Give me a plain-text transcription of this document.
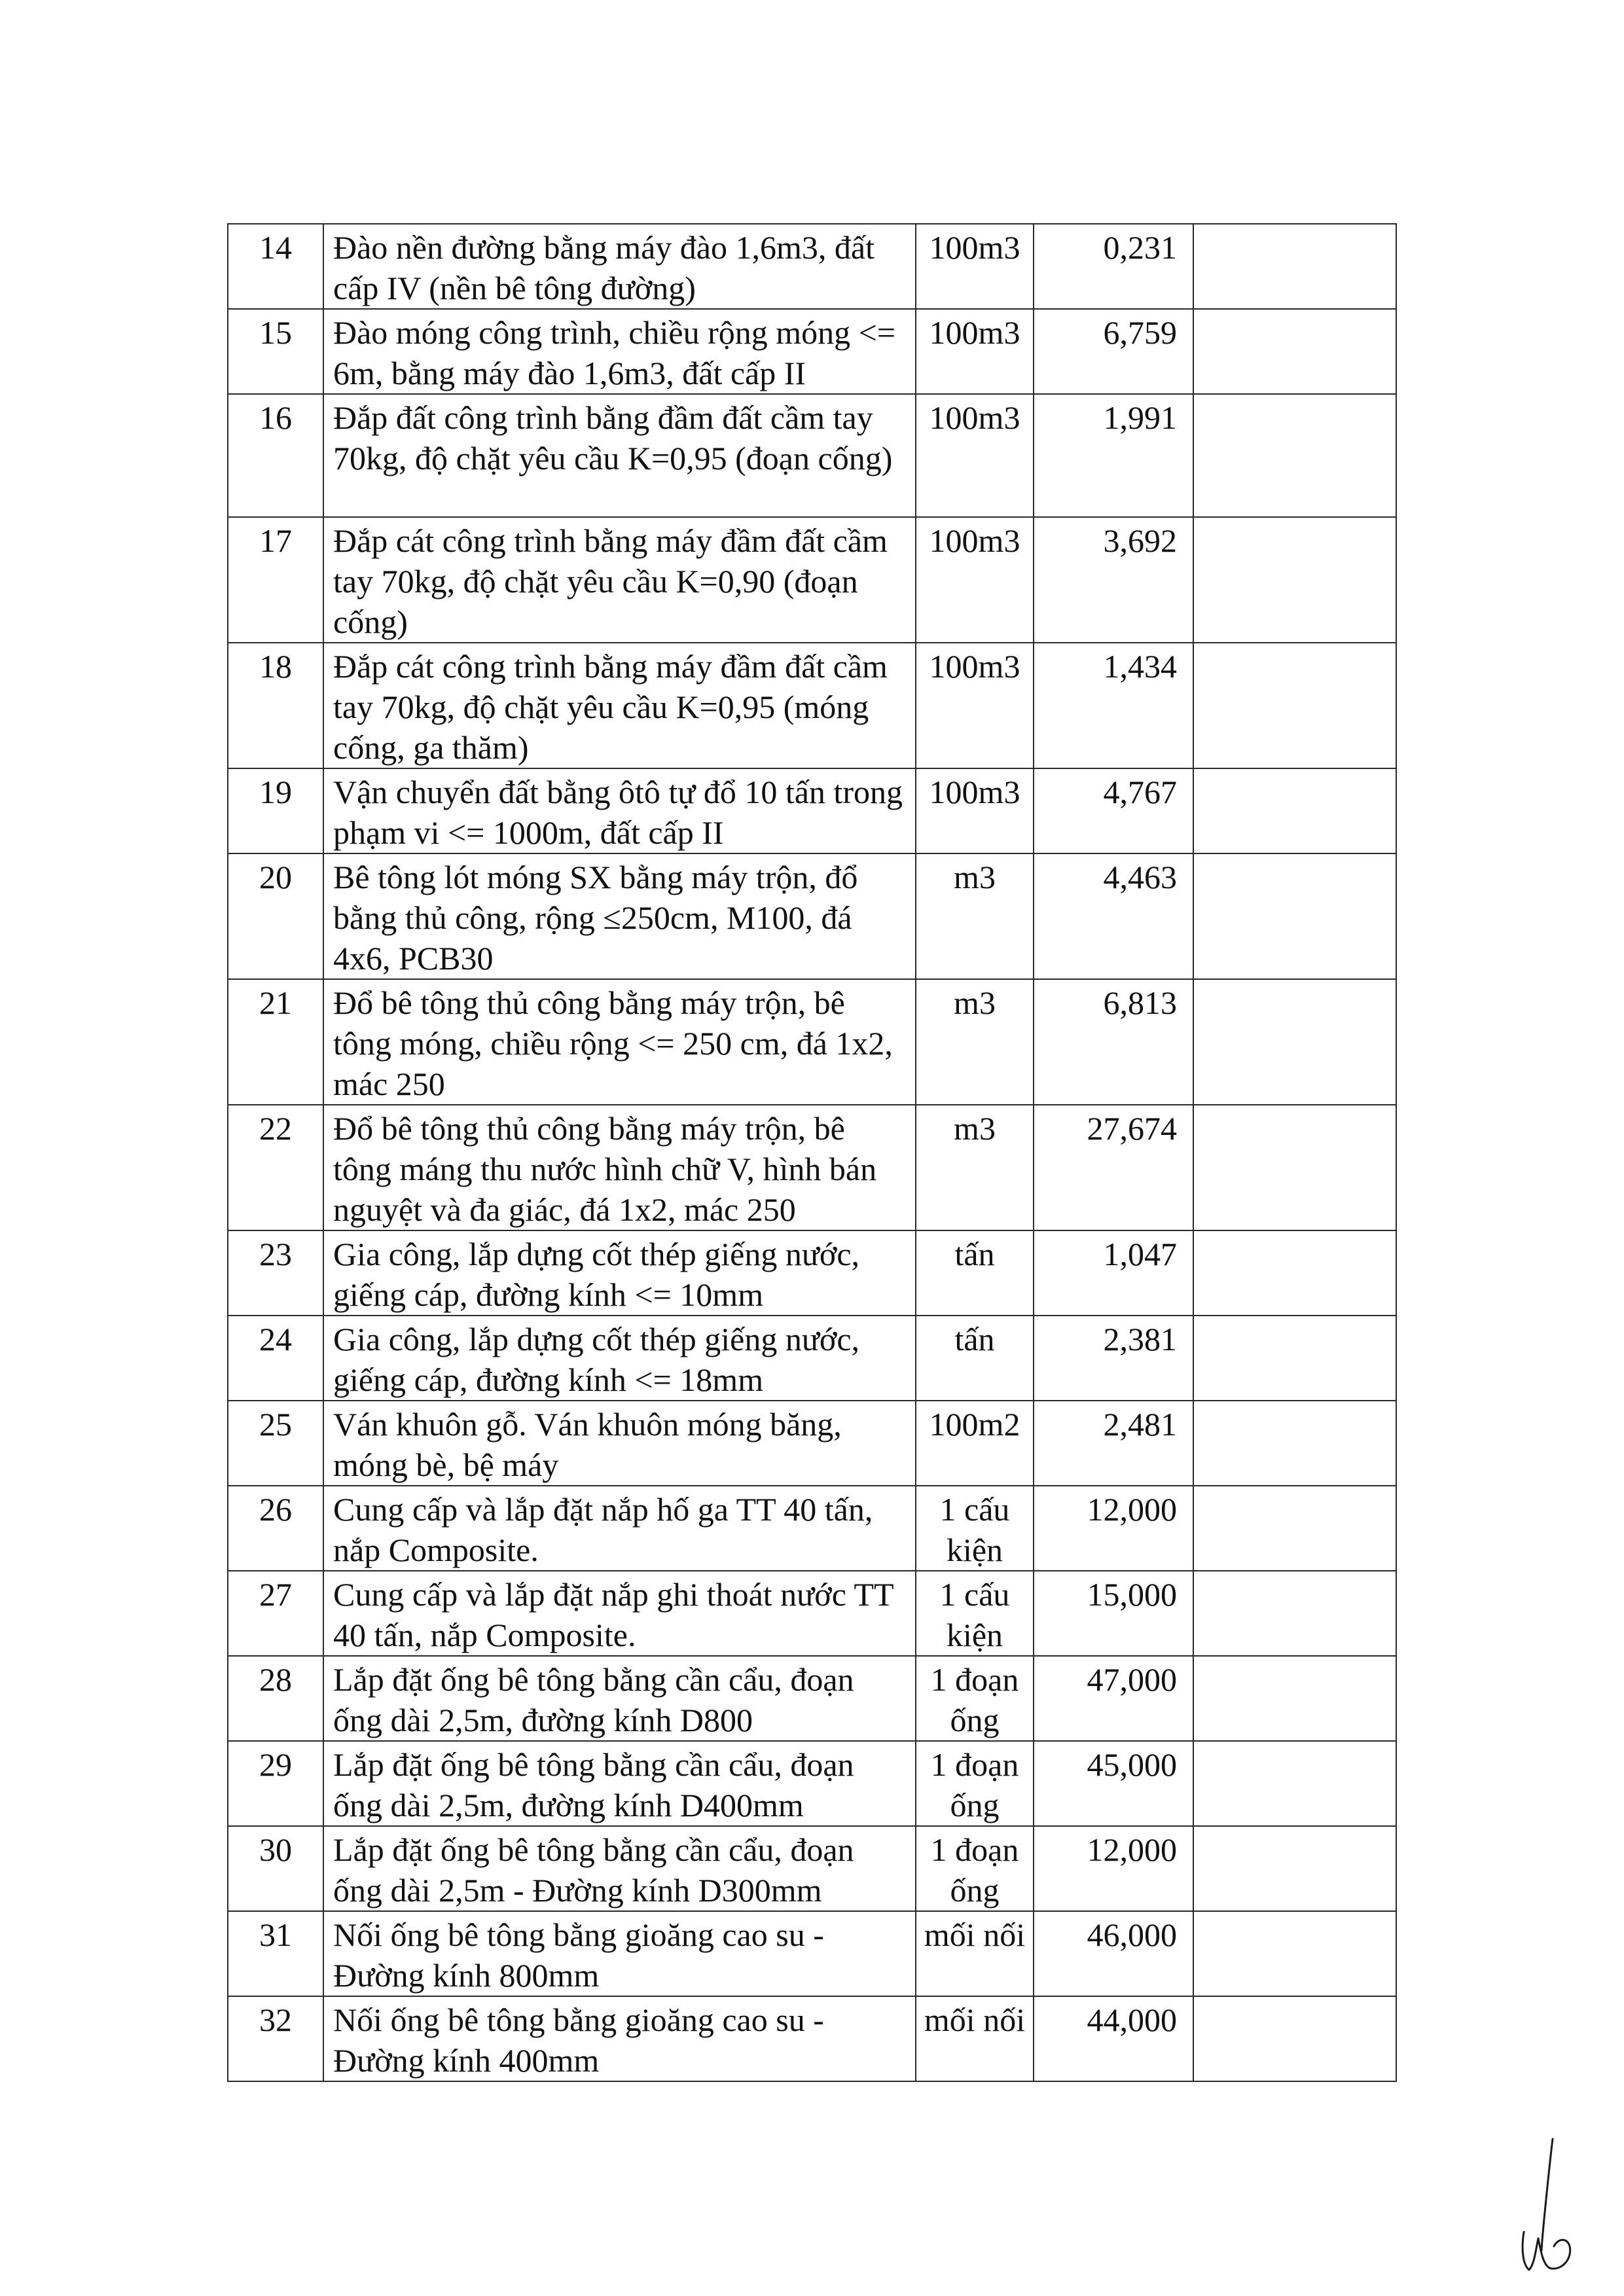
14	Đào nền đường bằng máy đào 1,6m3, đất cấp IV (nền bê tông đường)	100m3	0,231	
15	Đào móng công trình, chiều rộng móng <= 6m, bằng máy đào 1,6m3, đất cấp II	100m3	6,759	
16	Đắp đất công trình bằng đầm đất cầm tay 70kg, độ chặt yêu cầu K=0,95 (đoạn cống)	100m3	1,991	
17	Đắp cát công trình bằng máy đầm đất cầm tay 70kg, độ chặt yêu cầu K=0,90 (đoạn cống)	100m3	3,692	
18	Đắp cát công trình bằng máy đầm đất cầm tay 70kg, độ chặt yêu cầu K=0,95 (móng cống, ga thăm)	100m3	1,434	
19	Vận chuyển đất bằng ôtô tự đổ 10 tấn trong phạm vi <= 1000m, đất cấp II	100m3	4,767	
20	Bê tông lót móng SX bằng máy trộn, đổ bằng thủ công, rộng ≤250cm, M100, đá 4x6, PCB30	m3	4,463	
21	Đổ bê tông thủ công bằng máy trộn, bê tông móng, chiều rộng <= 250 cm, đá 1x2, mác 250	m3	6,813	
22	Đổ bê tông thủ công bằng máy trộn, bê tông máng thu nước hình chữ V, hình bán nguyệt và đa giác, đá 1x2, mác 250	m3	27,674	
23	Gia công, lắp dựng cốt thép giếng nước, giếng cáp, đường kính <= 10mm	tấn	1,047	
24	Gia công, lắp dựng cốt thép giếng nước, giếng cáp, đường kính <= 18mm	tấn	2,381	
25	Ván khuôn gỗ. Ván khuôn móng băng, móng bè, bệ máy	100m2	2,481	
26	Cung cấp và lắp đặt nắp hố ga TT 40 tấn, nắp Composite.	1 cấu kiện	12,000	
27	Cung cấp và lắp đặt nắp ghi thoát nước TT 40 tấn, nắp Composite.	1 cấu kiện	15,000	
28	Lắp đặt ống bê tông bằng cần cẩu, đoạn ống dài 2,5m, đường kính D800	1 đoạn ống	47,000	
29	Lắp đặt ống bê tông bằng cần cẩu, đoạn ống dài 2,5m, đường kính D400mm	1 đoạn ống	45,000	
30	Lắp đặt ống bê tông bằng cần cẩu, đoạn ống dài 2,5m - Đường kính D300mm	1 đoạn ống	12,000	
31	Nối ống bê tông bằng gioăng cao su - Đường kính 800mm	mối nối	46,000	
32	Nối ống bê tông bằng gioăng cao su - Đường kính 400mm	mối nối	44,000	
